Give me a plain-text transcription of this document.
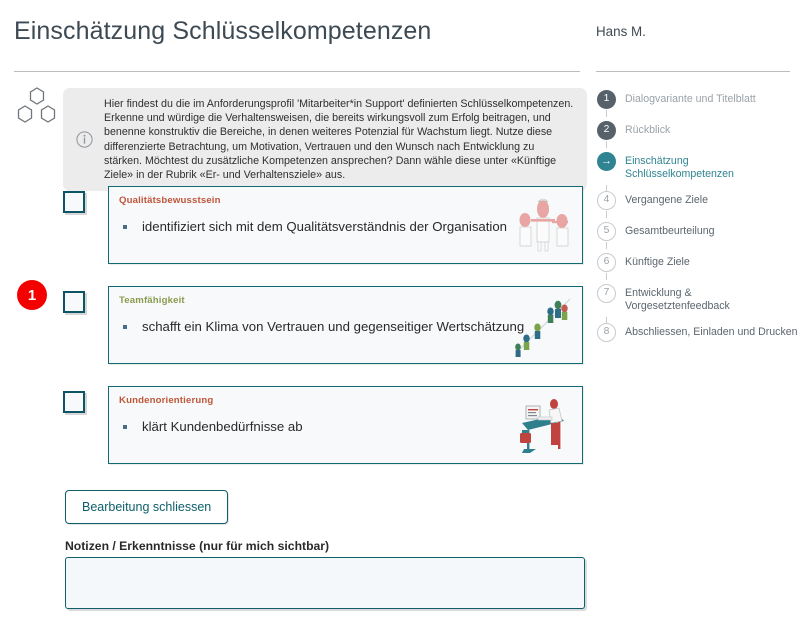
Einschätzung Schlüsselkompetenzen
Hier findest du die im Anforderungsprofil 'Mitarbeiter*in Support' definierten Schlüsselkompetenzen. Erkenne und würdige die Verhaltensweisen, die bereits wirkungsvoll zum Erfolg beitragen, und benenne konstruktiv die Bereiche, in denen weiteres Potenzial für Wachstum liegt. Nutze diese differenzierte Betrachtung, um Motivation, Vertrauen und den Wunsch nach Entwicklung zu stärken. Möchtest du zusätzliche Kompetenzen ansprechen? Dann wähle diese unter «Künftige Ziele» in der Rubrik «Er- und Verhaltensziele» aus.
1
Qualitätsbewusstsein
identifiziert sich mit dem Qualitätsverständnis der Organisation
Teamfähigkeit
schafft ein Klima von Vertrauen und gegenseitiger Wertschätzung
Kundenorientierung
klärt Kundenbedürfnisse ab
Bearbeitung schliessen
Notizen / Erkenntnisse (nur für mich sichtbar)
Hans M.
1	Dialogvariante und Titelblatt
2	Rückblick
→	Einschätzung Schlüsselkompetenzen
4	Vergangene Ziele
5	Gesamtbeurteilung
6	Künftige Ziele
7	Entwicklung & Vorgesetztenfeedback
8	Abschliessen, Einladen und Drucken
